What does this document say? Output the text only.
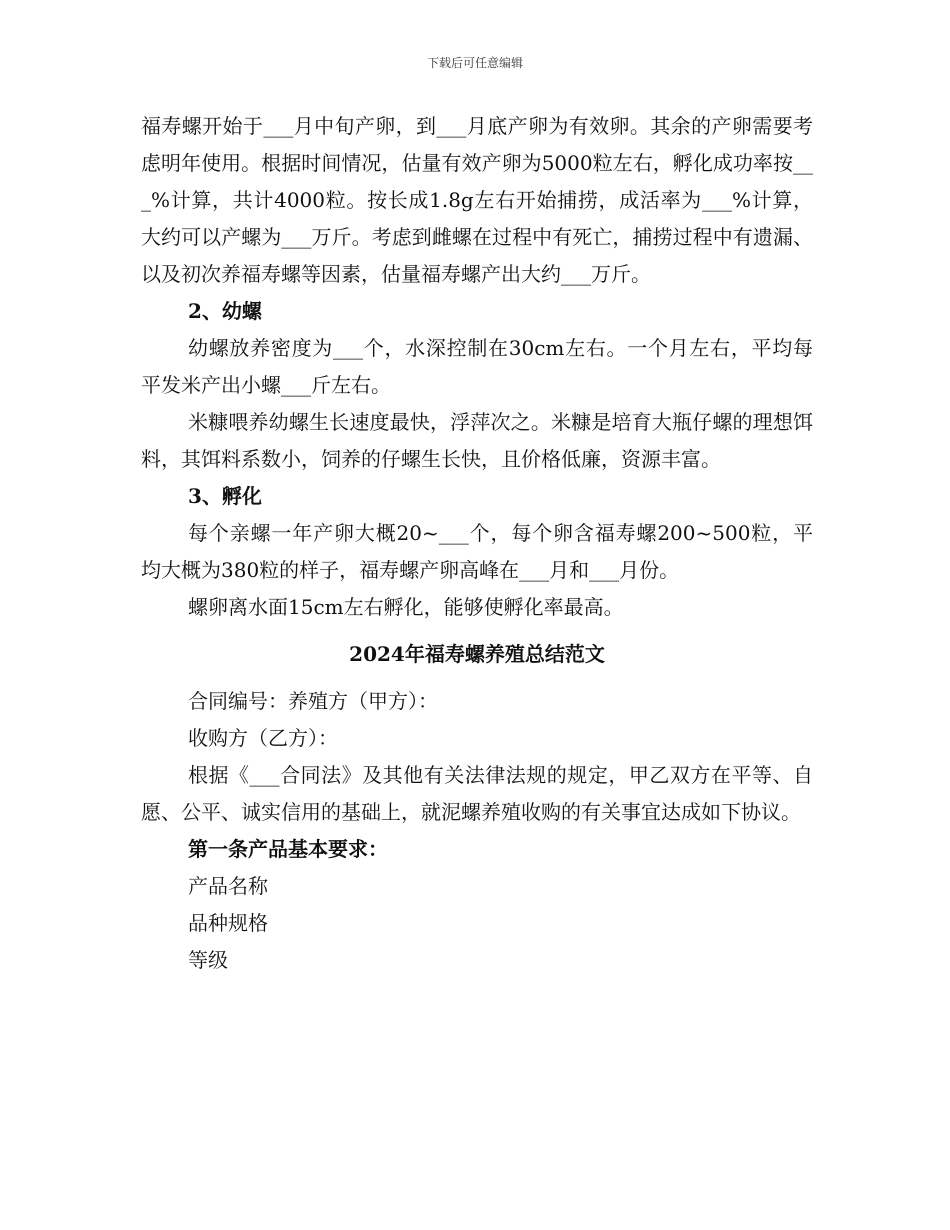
下载后可任意编辑

福寿螺开始于___月中旬产卵，到___月底产卵为有效卵。其余的产卵需要考虑明年使用。根据时间情况，估量有效产卵为5000粒左右，孵化成功率按___%计算，共计4000粒。按长成1.8g左右开始捕捞，成活率为___%计算，大约可以产螺为___万斤。考虑到雌螺在过程中有死亡，捕捞过程中有遗漏、以及初次养福寿螺等因素，估量福寿螺产出大约___万斤。

2、幼螺

幼螺放养密度为___个，水深控制在30cm左右。一个月左右，平均每平发米产出小螺___斤左右。

米糠喂养幼螺生长速度最快，浮萍次之。米糠是培育大瓶仔螺的理想饵料，其饵料系数小，饲养的仔螺生长快，且价格低廉，资源丰富。

3、孵化

每个亲螺一年产卵大概20~___个，每个卵含福寿螺200~500粒，平均大概为380粒的样子，福寿螺产卵高峰在___月和___月份。

螺卵离水面15cm左右孵化，能够使孵化率最高。

2024年福寿螺养殖总结范文

合同编号：养殖方（甲方）：

收购方（乙方）：

根据《___合同法》及其他有关法律法规的规定，甲乙双方在平等、自愿、公平、诚实信用的基础上，就泥螺养殖收购的有关事宜达成如下协议。

第一条产品基本要求：

产品名称

品种规格

等级
